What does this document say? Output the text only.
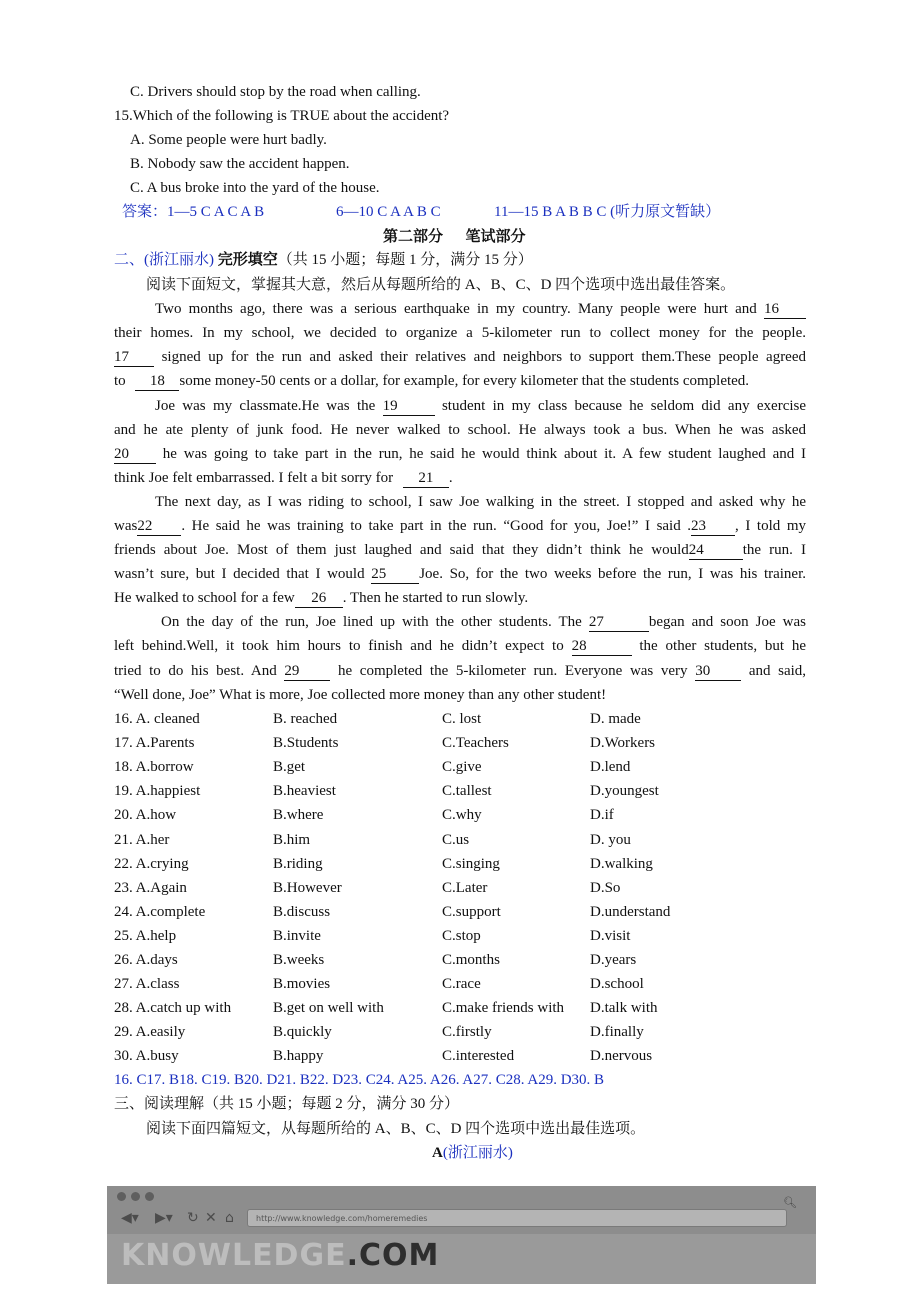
C. Drivers should stop by the road when calling.
15.Which of the following is TRUE about the accident?
A. Some people were hurt badly.
B. Nobody saw the accident happen.
C. A bus broke into the yard of the house.
答案：1—5 C A C A B	6—10 C A A B C	11—15 B A B B C (听力原文暂缺）
第二部分      笔试部分
二、(浙江丽水) 完形填空（共 15 小题；每题 1 分，满分 15 分）
阅读下面短文，掌握其大意，然后从每题所给的 A、B、C、D 四个选项中选出最佳答案。
Two months ago, there was a serious earthquake in my country. Many people were hurt and 16
their homes. In my school, we decided to organize a 5-kilometer run to collect money for the people.
17 signed up for the run and asked their relatives and neighbors to support them.These people agreed
to 18 some money-50 cents or a dollar, for example, for every kilometer that the students completed.
Joe was my classmate.He was the 19	student in my class because he seldom did any exercise
and he ate plenty of junk food. He never walked to school. He always took a bus. When he was asked
20 he was going to take part in the run, he said he would think about it. A few student laughed and I
think Joe felt embarrassed. I felt a bit sorry for 21 .
The next day, as I was riding to school, I saw Joe walking in the street. I stopped and asked why he
was22 . He said he was training to take part in the run. “Good for you, Joe!” I said .23 , I told my
friends about Joe. Most of them just laughed and said that they didn’t think he would24	the run. I
wasn’t sure, but I decided that I would 25 Joe. So, for the two weeks before the run, I was his trainer.
He walked to school for a few 26 . Then he started to run slowly.
On the day of the run, Joe lined up with the other students. The 27	began and soon Joe was
left behind.Well, it took him hours to finish and he didn’t expect to 28	the other students, but he
tried to do his best. And 29	he completed the 5-kilometer run. Everyone was very 30	and said,
“Well done, Joe” What is more, Joe collected more money than any other student!
16. A. cleaned	B. reached	C. lost	D. made
17. A.Parents	B.Students	C.Teachers	D.Workers
18. A.borrow	B.get	C.give	D.lend
19. A.happiest	B.heaviest	C.tallest	D.youngest
20. A.how	B.where	C.why	D.if
21. A.her	B.him	C.us	D. you
22. A.crying	B.riding	C.singing	D.walking
23. A.Again	B.However	C.Later	D.So
24. A.complete	B.discuss	C.support	D.understand
25. A.help	B.invite	C.stop	D.visit
26. A.days	B.weeks	C.months	D.years
27. A.class	B.movies	C.race	D.school
28. A.catch up with	B.get on well with	C.make friends with D.talk with
29. A.easily	B.quickly	C.firstly	D.finally
30. A.busy	B.happy	C.interested	D.nervous
16. C17. B18. C19. B20. D21. B22. D23. C24. A25. A26. A27. C28. A29. D30. B
三、阅读理解（共 15 小题；每题 2 分，满分 30 分）
阅读下面四篇短文，从每题所给的 A、B、C、D 四个选项中选出最佳选项。
A(浙江丽水)
◀▾ ▶▾ ↻ ✕ ⌂	http://www.knowledge.com/homeremedies
🔍︎
KNOWLEDGE.COM
